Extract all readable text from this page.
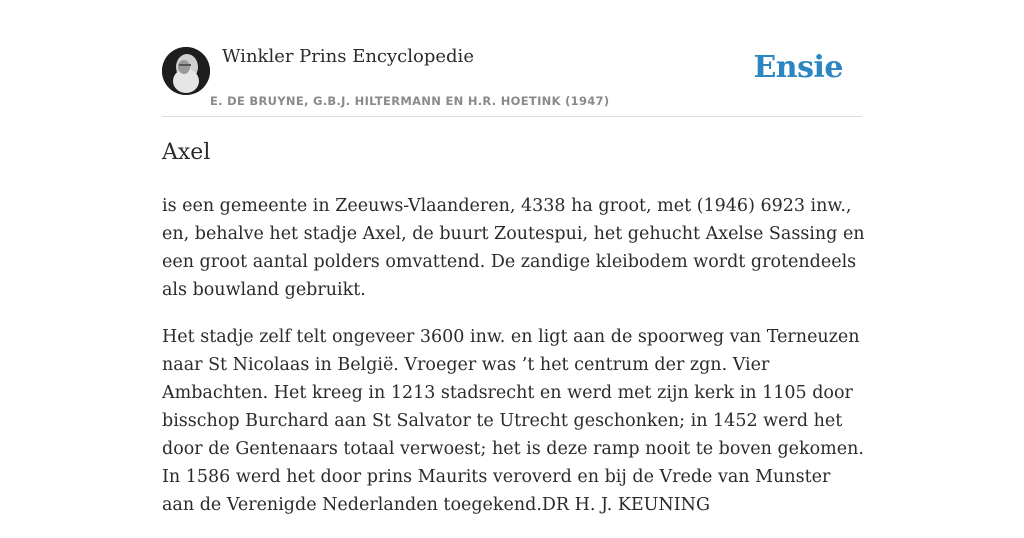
Winkler Prins Encyclopedie
E. DE BRUYNE, G.B.J. HILTERMANN EN H.R. HOETINK (1947)
Ensie
Axel

is een gemeente in Zeeuws-Vlaanderen, 4338 ha groot, met (1946) 6923 inw., en, behalve het stadje Axel, de buurt Zoutespui, het gehucht Axelse Sassing en een groot aantal polders omvattend. De zandige kleibodem wordt grotendeels als bouwland gebruikt.

Het stadje zelf telt ongeveer 3600 inw. en ligt aan de spoorweg van Terneuzen naar St Nicolaas in België. Vroeger was ’t het centrum der zgn. Vier Ambachten. Het kreeg in 1213 stadsrecht en werd met zijn kerk in 1105 door bisschop Burchard aan St Salvator te Utrecht geschonken; in 1452 werd het door de Gentenaars totaal verwoest; het is deze ramp nooit te boven gekomen. In 1586 werd het door prins Maurits veroverd en bij de Vrede van Munster aan de Verenigde Nederlanden toegekend.DR H. J. KEUNING
